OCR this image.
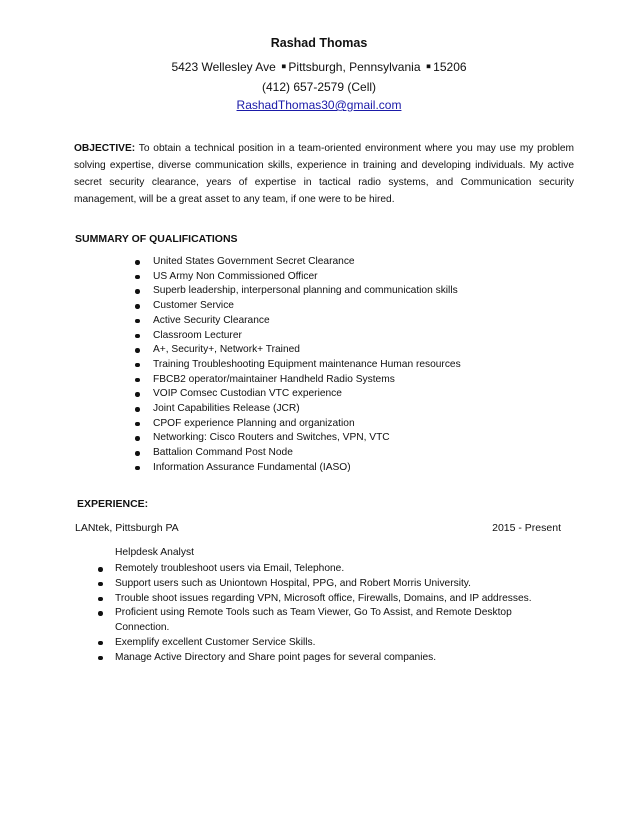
Rashad Thomas
5423 Wellesley Ave ▪ Pittsburgh, Pennsylvania ▪ 15206
(412) 657-2579 (Cell)
RashadThomas30@gmail.com
OBJECTIVE: To obtain a technical position in a team-oriented environment where you may use my problem solving expertise, diverse communication skills, experience in training and developing individuals. My active secret security clearance, years of expertise in tactical radio systems, and Communication security management, will be a great asset to any team, if one were to be hired.
SUMMARY OF QUALIFICATIONS
United States Government Secret Clearance
US Army Non Commissioned Officer
Superb leadership, interpersonal planning and communication skills
Customer Service
Active Security Clearance
Classroom Lecturer
A+, Security+, Network+ Trained
Training Troubleshooting Equipment maintenance Human resources
FBCB2 operator/maintainer Handheld Radio Systems
VOIP Comsec Custodian VTC experience
Joint Capabilities Release (JCR)
CPOF experience Planning and organization
Networking: Cisco Routers and Switches, VPN, VTC
Battalion Command Post Node
Information Assurance Fundamental (IASO)
EXPERIENCE:
LANtek, Pittsburgh PA	2015 - Present
Helpdesk Analyst
Remotely troubleshoot users via Email, Telephone.
Support users such as Uniontown Hospital, PPG, and Robert Morris University.
Trouble shoot issues regarding VPN, Microsoft office, Firewalls, Domains, and IP addresses.
Proficient using Remote Tools such as Team Viewer, Go To Assist, and Remote Desktop Connection.
Exemplify excellent Customer Service Skills.
Manage Active Directory and Share point pages for several companies.
